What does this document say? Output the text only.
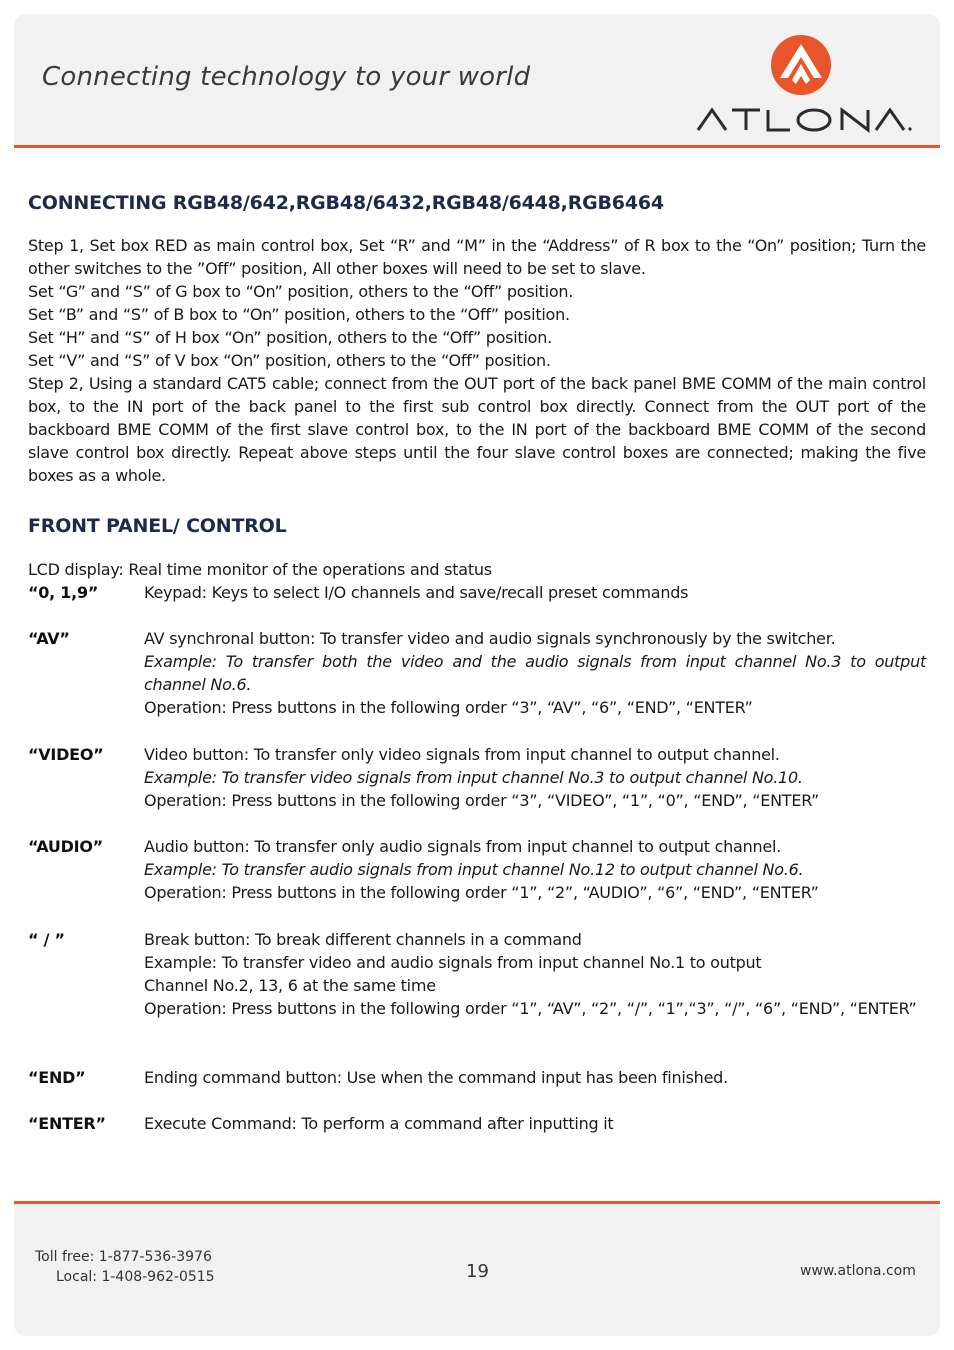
Connecting technology to your world
ATLONA
CONNECTING RGB48/642,RGB48/6432,RGB48/6448,RGB6464

Step 1, Set box RED as main control box, Set “R” and “M” in the “Address” of R box to the “On” position; Turn the other switches to the ”Off” position, All other boxes will need to be set to slave.

Set “G” and “S” of G box to “On” position, others to the “Off” position.

Set “B” and “S” of B box to “On” position, others to the “Off” position.

Set “H” and “S” of H box “On” position, others to the “Off” position.

Set “V” and “S” of V box “On” position, others to the “Off” position.

Step 2, Using a standard CAT5 cable; connect from the OUT port of the back panel BME COMM of the main control box, to the IN port of the back panel to the first sub control box directly. Connect from the OUT port of the backboard BME COMM of the first slave control box, to the IN port of the backboard BME COMM of the second slave control box directly. Repeat above steps until the four slave control boxes are connected; making the five boxes as a whole.

FRONT PANEL/ CONTROL
LCD display: Real time monitor of the operations and status
“0, 1,9”	Keypad: Keys to select I/O channels and save/recall preset commands

“AV”	AV synchronal button: To transfer video and audio signals synchronously by the switcher.

Example: To transfer both the video and the audio signals from input channel No.3 to output channel No.6.

Operation: Press buttons in the following order “3”, “AV”, “6”, “END”, “ENTER”

“VIDEO”	Video button: To transfer only video signals from input channel to output channel.

Example: To transfer video signals from input channel No.3 to output channel No.10.

Operation: Press buttons in the following order “3”, “VIDEO”, “1”, “0”, “END”, “ENTER”

“AUDIO”	Audio button: To transfer only audio signals from input channel to output channel.

Example: To transfer audio signals from input channel No.12 to output channel No.6.

Operation: Press buttons in the following order “1”, “2”, “AUDIO”, “6”, “END”, “ENTER”

“ / ”	Break button: To break different channels in a command

Example: To transfer video and audio signals from input channel No.1 to output

Channel No.2, 13, 6 at the same time

Operation: Press buttons in the following order “1”, “AV”, “2”, “/”, “1”,“3”, “/”, “6”, “END”, “ENTER”

“END”	Ending command button: Use when the command input has been finished.

“ENTER” Execute Command: To perform a command after inputting it

Toll free: 1-877-536-3976
Local: 1-408-962-0515	19	www.atlona.com
